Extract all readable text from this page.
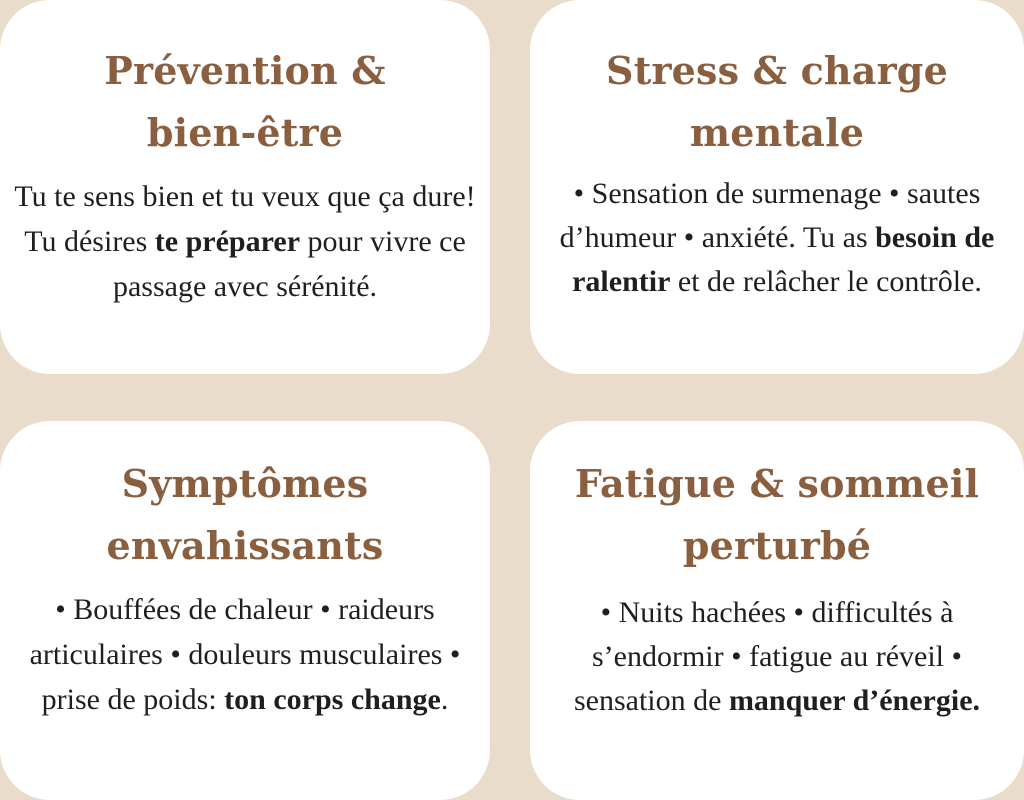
Prévention &
bien-être

Tu te sens bien et tu veux que ça dure! Tu désires te préparer pour vivre ce passage avec sérénité.

Stress & charge
mentale

• Sensation de surmenage • sautes d’humeur • anxiété. Tu as besoin de ralentir et de relâcher le contrôle.

Symptômes
envahissants

• Bouffées de chaleur • raideurs articulaires • douleurs musculaires • prise de poids: ton corps change.

Fatigue & sommeil
perturbé

• Nuits hachées • difficultés à s’endormir • fatigue au réveil • sensation de manquer d’énergie.
